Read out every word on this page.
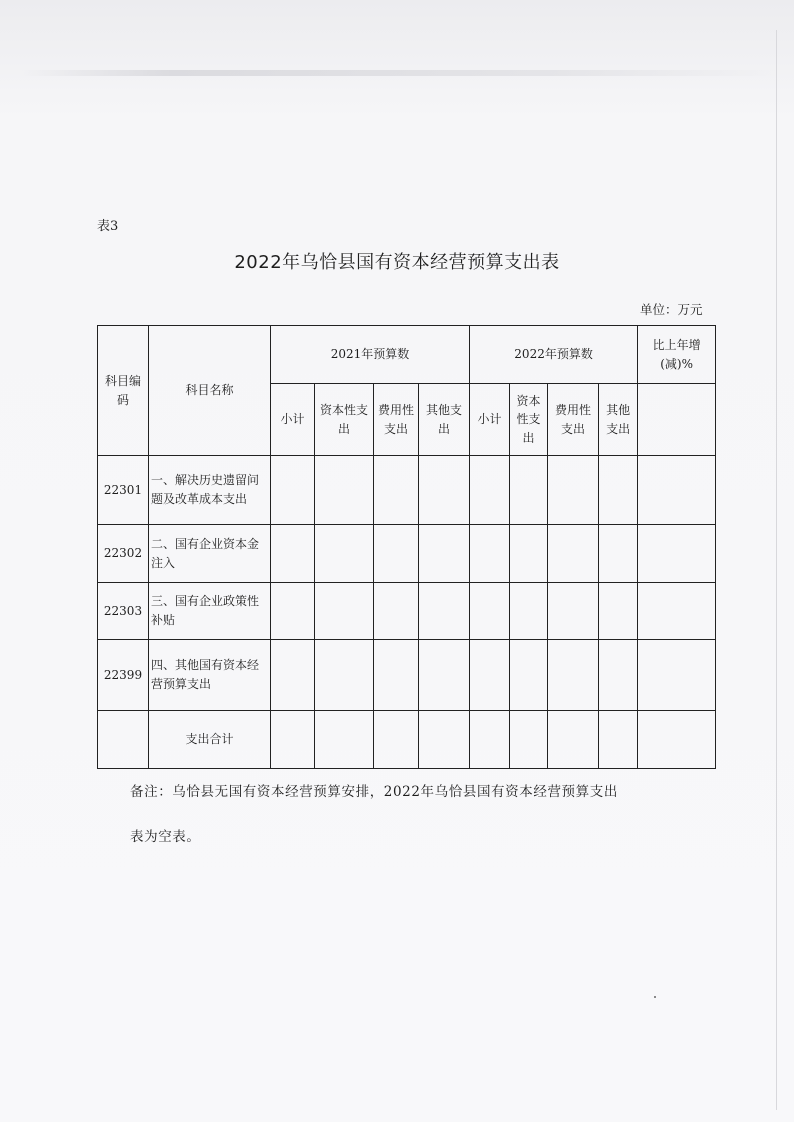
表3
2022年乌恰县国有资本经营预算支出表
单位：万元
科目编码	科目名称	2021年预算数				2022年预算数				比上年增(减)%
		小计	资本性支出	费用性支出	其他支出	小计	资本性支出	费用性支出	其他支出	
22301	一、解决历史遗留问题及改革成本支出									
22302	二、国有企业资本金注入									
22303	三、国有企业政策性补贴									
22399	四、其他国有资本经营预算支出									
	支出合计									
备注：乌恰县无国有资本经营预算安排，2022年乌恰县国有资本经营预算支出
表为空表。
